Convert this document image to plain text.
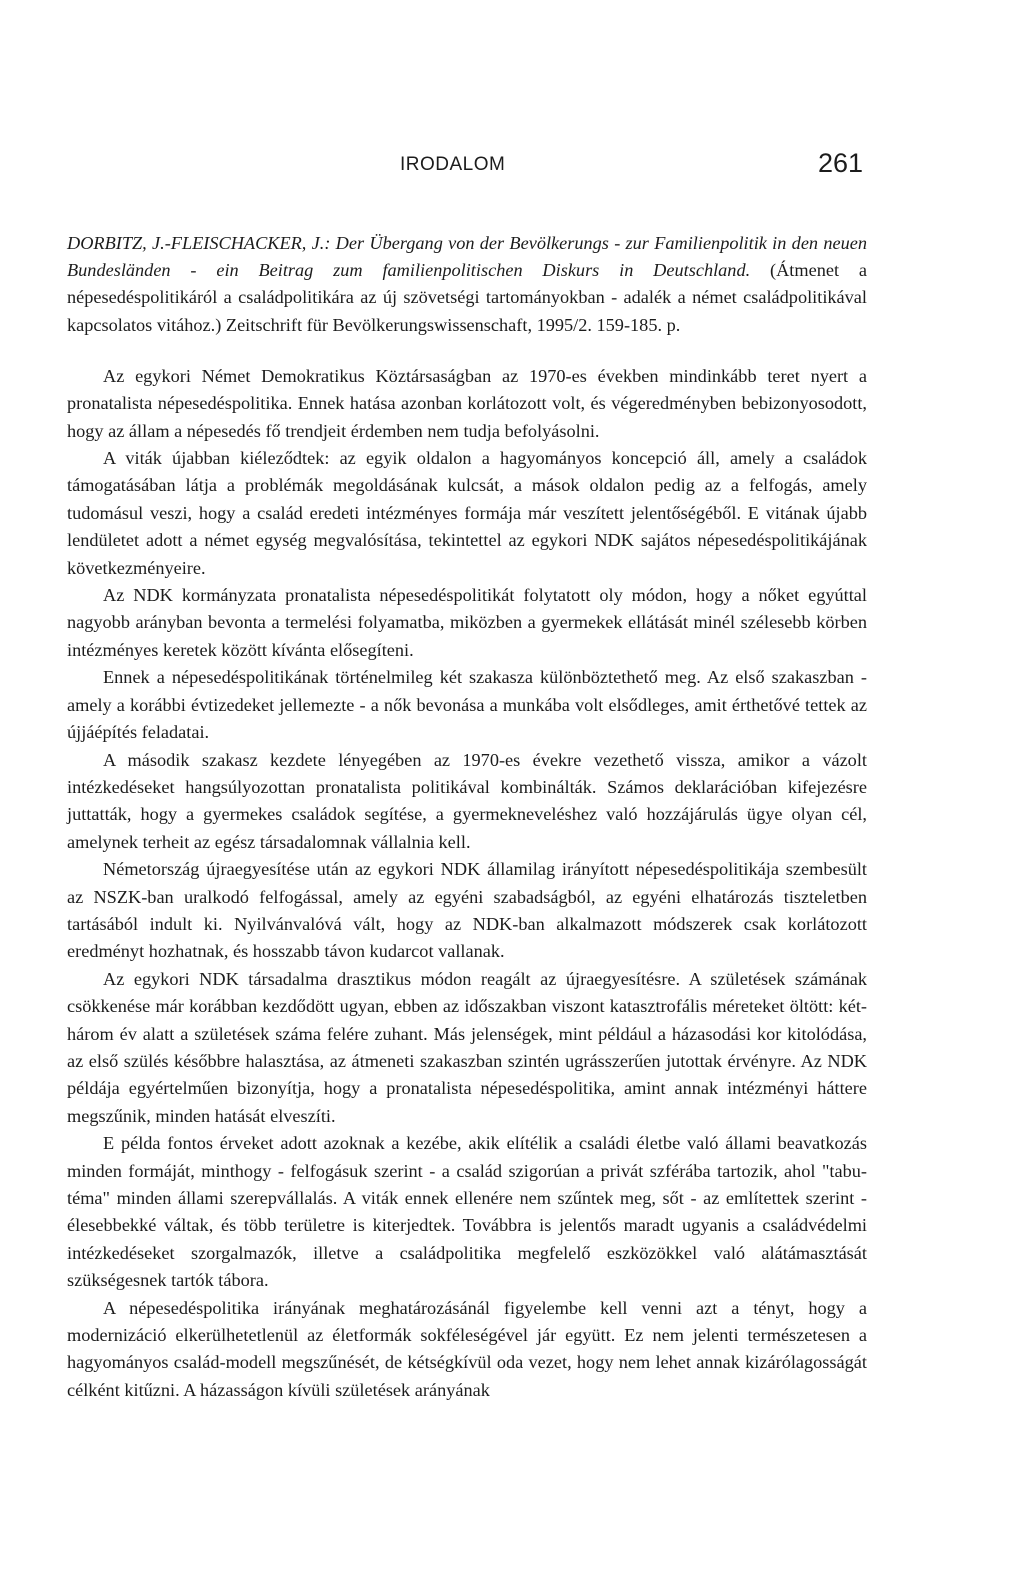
IRODALOM	261

DORBITZ, J.-FLEISCHACKER, J.: Der Übergang von der Bevölkerungs - zur Familienpolitik in den neuen Bundesländen - ein Beitrag zum familienpolitischen Diskurs in Deutschland. (Átmenet a népesedéspolitikáról a családpolitikára az új szövetségi tartományokban - adalék a német családpolitikával kapcsolatos vitához.) Zeitschrift für Bevölkerungswissenschaft, 1995/2. 159-185. p.

Az egykori Német Demokratikus Köztársaságban az 1970-es években mindinkább teret nyert a pronatalista népesedéspolitika. Ennek hatása azonban korlátozott volt, és végeredményben bebizonyosodott, hogy az állam a népesedés fő trendjeit érdemben nem tudja befolyásolni.

A viták újabban kiéleződtek: az egyik oldalon a hagyományos koncepció áll, amely a családok támogatásában látja a problémák megoldásának kulcsát, a mások oldalon pedig az a felfogás, amely tudomásul veszi, hogy a család eredeti intézményes formája már veszített jelentőségéből. E vitának újabb lendületet adott a német egység megvalósítása, tekintettel az egykori NDK sajátos népesedéspolitikájának következményeire.

Az NDK kormányzata pronatalista népesedéspolitikát folytatott oly módon, hogy a nőket egyúttal nagyobb arányban bevonta a termelési folyamatba, miközben a gyermekek ellátását minél szélesebb körben intézményes keretek között kívánta elősegíteni.

Ennek a népesedéspolitikának történelmileg két szakasza különböztethető meg. Az első szakaszban - amely a korábbi évtizedeket jellemezte - a nők bevonása a munkába volt elsődleges, amit érthetővé tettek az újjáépítés feladatai.

A második szakasz kezdete lényegében az 1970-es évekre vezethető vissza, amikor a vázolt intézkedéseket hangsúlyozottan pronatalista politikával kombinálták. Számos deklarációban kifejezésre juttatták, hogy a gyermekes családok segítése, a gyermekneveléshez való hozzájárulás ügye olyan cél, amelynek terheit az egész társadalomnak vállalnia kell.

Németország újraegyesítése után az egykori NDK államilag irányított népesedéspolitikája szembesült az NSZK-ban uralkodó felfogással, amely az egyéni szabadságból, az egyéni elhatározás tiszteletben tartásából indult ki. Nyilvánvalóvá vált, hogy az NDK-ban alkalmazott módszerek csak korlátozott eredményt hozhatnak, és hosszabb távon kudarcot vallanak.

Az egykori NDK társadalma drasztikus módon reagált az újraegyesítésre. A születések számának csökkenése már korábban kezdődött ugyan, ebben az időszakban viszont katasztrofális méreteket öltött: két-három év alatt a születések száma felére zuhant. Más jelenségek, mint például a házasodási kor kitolódása, az első szülés későbbre halasztása, az átmeneti szakaszban szintén ugrásszerűen jutottak érvényre. Az NDK példája egyértelműen bizonyítja, hogy a pronatalista népesedéspolitika, amint annak intézményi háttere megszűnik, minden hatását elveszíti.

E példa fontos érveket adott azoknak a kezébe, akik elítélik a családi életbe való állami beavatkozás minden formáját, minthogy - felfogásuk szerint - a család szigorúan a privát szférába tartozik, ahol "tabu-téma" minden állami szerepvállalás. A viták ennek ellenére nem szűntek meg, sőt - az említettek szerint - élesebbekké váltak, és több területre is kiterjedtek. Továbbra is jelentős maradt ugyanis a családvédelmi intézkedéseket szorgalmazók, illetve a családpolitika megfelelő eszközökkel való alátámasztását szükségesnek tartók tábora.

A népesedéspolitika irányának meghatározásánál figyelembe kell venni azt a tényt, hogy a modernizáció elkerülhetetlenül az életformák sokféleségével jár együtt. Ez nem jelenti természetesen a hagyományos család-modell megszűnését, de kétségkívül oda vezet, hogy nem lehet annak kizárólagosságát célként kitűzni. A házasságon kívüli születések arányának
